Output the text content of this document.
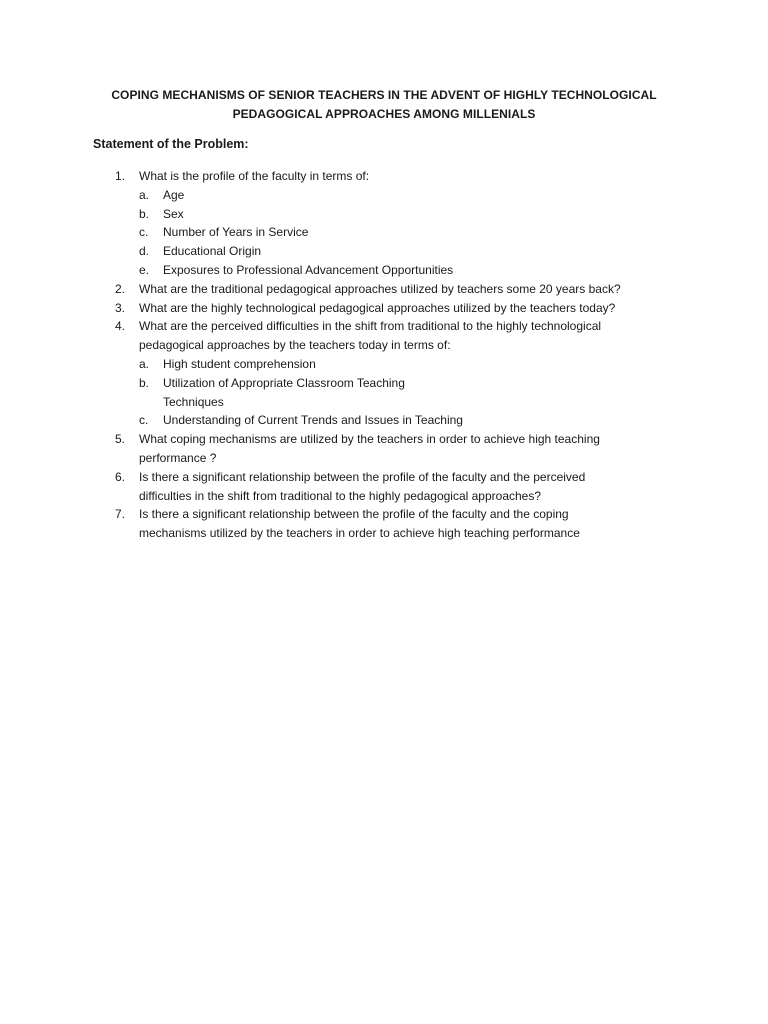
COPING MECHANISMS OF SENIOR TEACHERS IN THE ADVENT OF HIGHLY TECHNOLOGICAL
PEDAGOGICAL APPROACHES AMONG MILLENIALS
Statement of the Problem:
1. What is the profile of the faculty in terms of:
a. Age
b. Sex
c. Number of Years in Service
d. Educational Origin
e. Exposures to Professional Advancement Opportunities
2. What are the traditional pedagogical approaches utilized by teachers some 20 years back?
3. What are the highly technological pedagogical approaches utilized by the teachers today?
4. What are the perceived difficulties in the shift from traditional to the highly technological
pedagogical approaches by the teachers today in terms of:
a. High student comprehension
b. Utilization of Appropriate Classroom Teaching
Techniques
c. Understanding of Current Trends and Issues in Teaching
5. What coping mechanisms are utilized by the teachers in order to achieve high teaching
performance ?
6. Is there a significant relationship between the profile of the faculty and the perceived
difficulties in the shift from traditional to the highly pedagogical approaches?
7. Is there a significant relationship between the profile of the faculty and the coping
mechanisms utilized by the teachers in order to achieve high teaching performance
